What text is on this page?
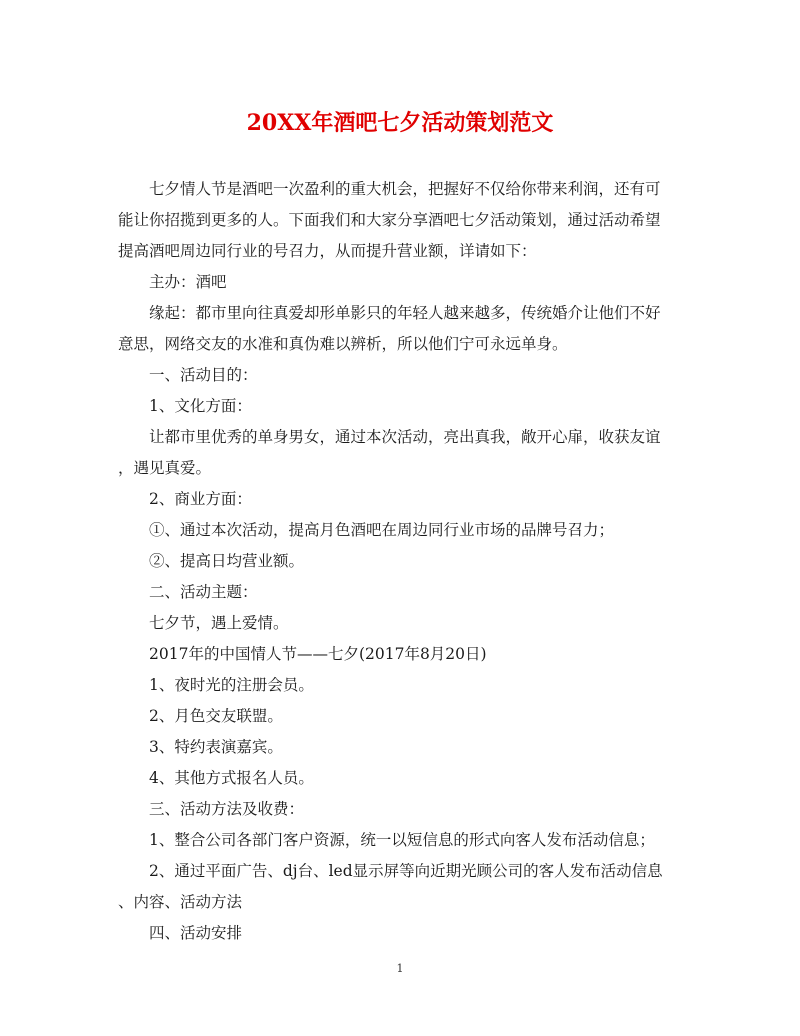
20XX年酒吧七夕活动策划范文

七夕情人节是酒吧一次盈利的重大机会，把握好不仅给你带来利润，还有可

能让你招揽到更多的人。下面我们和大家分享酒吧七夕活动策划，通过活动希望

提高酒吧周边同行业的号召力，从而提升营业额，详请如下：

主办：酒吧

缘起：都市里向往真爱却形单影只的年轻人越来越多，传统婚介让他们不好

意思，网络交友的水准和真伪难以辨析，所以他们宁可永远单身。

一、活动目的：

1、文化方面：

让都市里优秀的单身男女，通过本次活动，亮出真我，敞开心扉，收获友谊

，遇见真爱。

2、商业方面：

①、通过本次活动，提高月色酒吧在周边同行业市场的品牌号召力；

②、提高日均营业额。

二、活动主题：

七夕节，遇上爱情。

2017年的中国情人节——七夕(2017年8月20日)

1、夜时光的注册会员。

2、月色交友联盟。

3、特约表演嘉宾。

4、其他方式报名人员。

三、活动方法及收费：

1、整合公司各部门客户资源，统一以短信息的形式向客人发布活动信息；

2、通过平面广告、dj台、led显示屏等向近期光顾公司的客人发布活动信息

、内容、活动方法

四、活动安排

1
